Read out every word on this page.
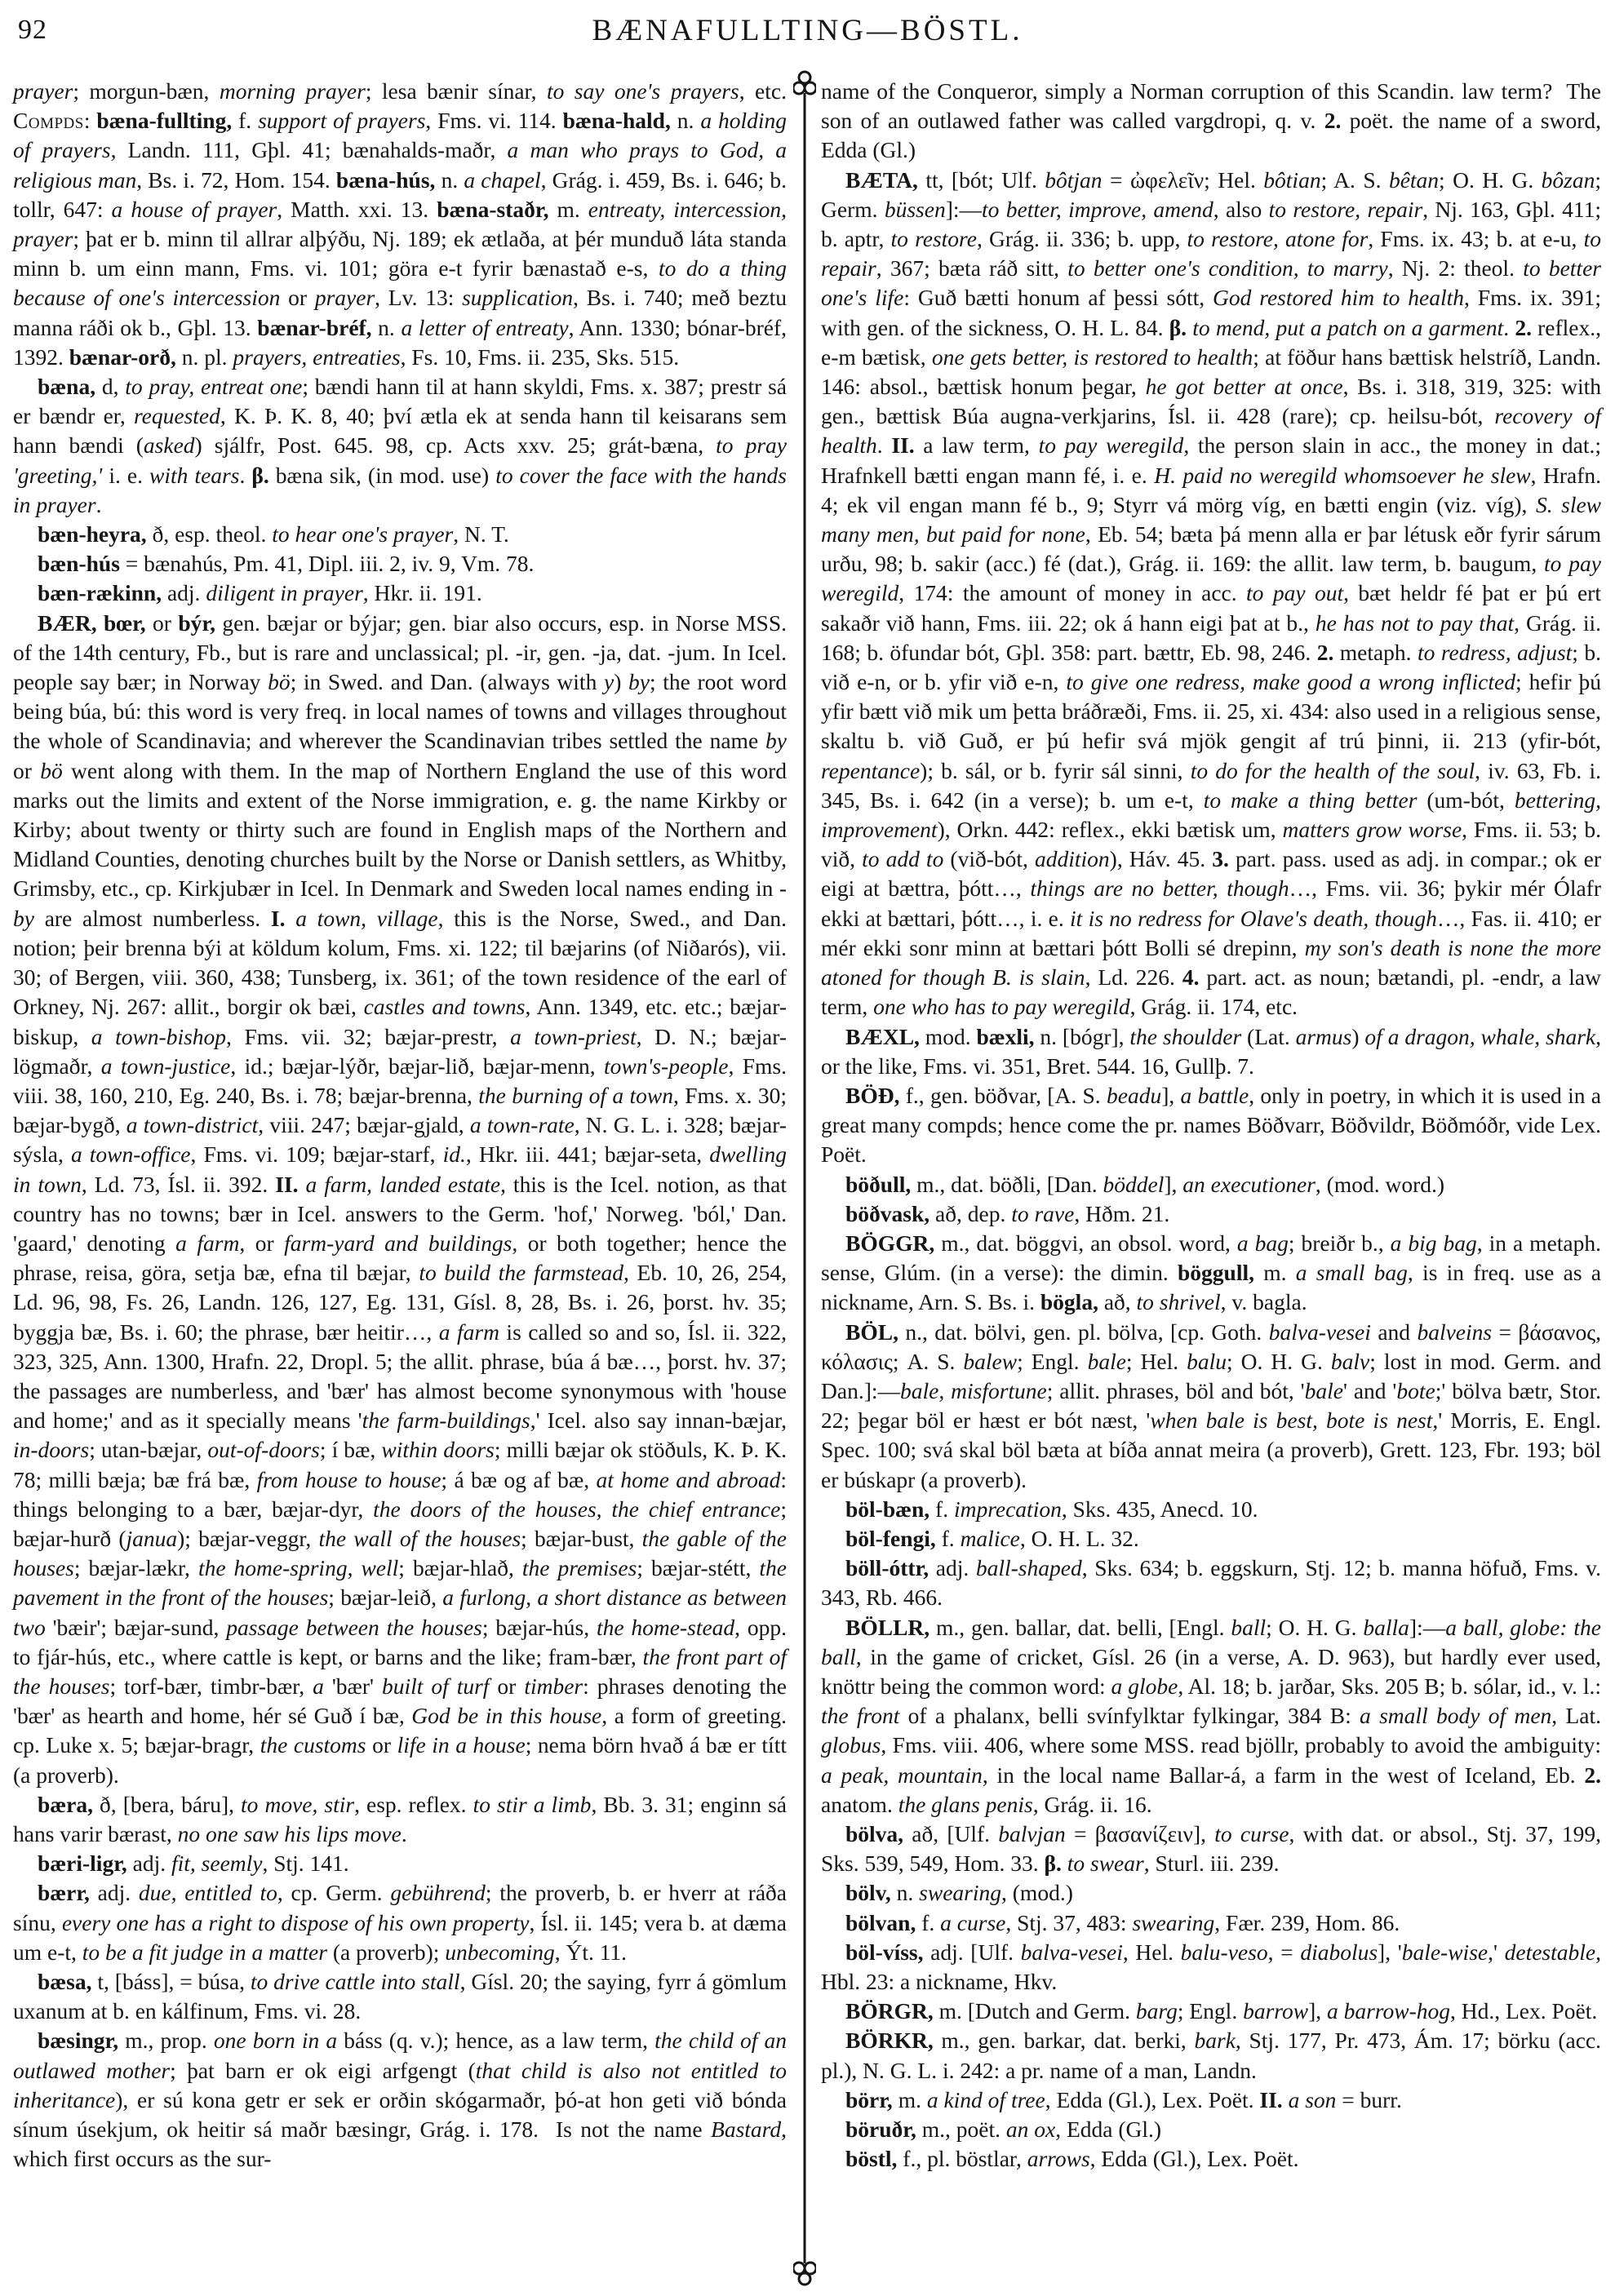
92	BÆNAFULLTING—BÖSTL.

prayer; morgun-bæn, morning prayer; lesa bænir sínar, to say one's prayers, etc. Compds: bæna-fullting, f. support of prayers, Fms. vi. 114. bæna-hald, n. a holding of prayers, Landn. 111, Gþl. 41; bænahalds-maðr, a man who prays to God, a religious man, Bs. i. 72, Hom. 154. bæna-hús, n. a chapel, Grág. i. 459, Bs. i. 646; b. tollr, 647: a house of prayer, Matth. xxi. 13. bæna-staðr, m. entreaty, intercession, prayer; þat er b. minn til allrar alþýðu, Nj. 189; ek ætlaða, at þér munduð láta standa minn b. um einn mann, Fms. vi. 101; göra e-t fyrir bænastað e-s, to do a thing because of one's intercession or prayer, Lv. 13: supplication, Bs. i. 740; með beztu manna ráði ok b., Gþl. 13. bænar-bréf, n. a letter of entreaty, Ann. 1330; bónar-bréf, 1392. bænar-orð, n. pl. prayers, entreaties, Fs. 10, Fms. ii. 235, Sks. 515.

bæna, d, to pray, entreat one; bændi hann til at hann skyldi, Fms. x. 387; prestr sá er bændr er, requested, K. Þ. K. 8, 40; því ætla ek at senda hann til keisarans sem hann bændi (asked) sjálfr, Post. 645. 98, cp. Acts xxv. 25; grát-bæna, to pray 'greeting,' i. e. with tears. β. bæna sik, (in mod. use) to cover the face with the hands in prayer.

bæn-heyra, ð, esp. theol. to hear one's prayer, N. T.

bæn-hús = bænahús, Pm. 41, Dipl. iii. 2, iv. 9, Vm. 78.

bæn-rækinn, adj. diligent in prayer, Hkr. ii. 191.

BÆR, bœr, or býr, gen. bæjar or býjar; gen. biar also occurs, esp. in Norse MSS. of the 14th century, Fb., but is rare and unclassical; pl. -ir, gen. -ja, dat. -jum. In Icel. people say bær; in Norway bö; in Swed. and Dan. (always with y) by; the root word being búa, bú: this word is very freq. in local names of towns and villages throughout the whole of Scandinavia; and wherever the Scandinavian tribes settled the name by or bö went along with them. In the map of Northern England the use of this word marks out the limits and extent of the Norse immigration, e. g. the name Kirkby or Kirby; about twenty or thirty such are found in English maps of the Northern and Midland Counties, denoting churches built by the Norse or Danish settlers, as Whitby, Grimsby, etc., cp. Kirkjubær in Icel. In Denmark and Sweden local names ending in -by are almost numberless. I. a town, village, this is the Norse, Swed., and Dan. notion; þeir brenna býi at köldum kolum, Fms. xi. 122; til bæjarins (of Niðarós), vii. 30; of Bergen, viii. 360, 438; Tunsberg, ix. 361; of the town residence of the earl of Orkney, Nj. 267: allit., borgir ok bæi, castles and towns, Ann. 1349, etc. etc.; bæjar-biskup, a town-bishop, Fms. vii. 32; bæjar-prestr, a town-priest, D. N.; bæjar-lögmaðr, a town-justice, id.; bæjar-lýðr, bæjar-lið, bæjar-menn, town's-people, Fms. viii. 38, 160, 210, Eg. 240, Bs. i. 78; bæjar-brenna, the burning of a town, Fms. x. 30; bæjar-bygð, a town-district, viii. 247; bæjar-gjald, a town-rate, N. G. L. i. 328; bæjar-sýsla, a town-office, Fms. vi. 109; bæjar-starf, id., Hkr. iii. 441; bæjar-seta, dwelling in town, Ld. 73, Ísl. ii. 392. II. a farm, landed estate, this is the Icel. notion, as that country has no towns; bær in Icel. answers to the Germ. 'hof,' Norweg. 'ból,' Dan. 'gaard,' denoting a farm, or farm-yard and buildings, or both together; hence the phrase, reisa, göra, setja bæ, efna til bæjar, to build the farmstead, Eb. 10, 26, 254, Ld. 96, 98, Fs. 26, Landn. 126, 127, Eg. 131, Gísl. 8, 28, Bs. i. 26, þorst. hv. 35; byggja bæ, Bs. i. 60; the phrase, bær heitir…, a farm is called so and so, Ísl. ii. 322, 323, 325, Ann. 1300, Hrafn. 22, Dropl. 5; the allit. phrase, búa á bæ…, þorst. hv. 37; the passages are numberless, and 'bær' has almost become synonymous with 'house and home;' and as it specially means 'the farm-buildings,' Icel. also say innan-bæjar, in-doors; utan-bæjar, out-of-doors; í bæ, within doors; milli bæjar ok stöðuls, K. Þ. K. 78; milli bæja; bæ frá bæ, from house to house; á bæ og af bæ, at home and abroad: things belonging to a bær, bæjar-dyr, the doors of the houses, the chief entrance; bæjar-hurð (janua); bæjar-veggr, the wall of the houses; bæjar-bust, the gable of the houses; bæjar-lækr, the home-spring, well; bæjar-hlað, the premises; bæjar-stétt, the pavement in the front of the houses; bæjar-leið, a furlong, a short distance as between two 'bæir'; bæjar-sund, passage between the houses; bæjar-hús, the home-stead, opp. to fjár-hús, etc., where cattle is kept, or barns and the like; fram-bær, the front part of the houses; torf-bær, timbr-bær, a 'bær' built of turf or timber: phrases denoting the 'bær' as hearth and home, hér sé Guð í bæ, God be in this house, a form of greeting. cp. Luke x. 5; bæjar-bragr, the customs or life in a house; nema börn hvað á bæ er títt (a proverb).

bæra, ð, [bera, báru], to move, stir, esp. reflex. to stir a limb, Bb. 3. 31; enginn sá hans varir bærast, no one saw his lips move.

bæri-ligr, adj. fit, seemly, Stj. 141.

bærr, adj. due, entitled to, cp. Germ. gebührend; the proverb, b. er hverr at ráða sínu, every one has a right to dispose of his own property, Ísl. ii. 145; vera b. at dæma um e-t, to be a fit judge in a matter (a proverb); unbecoming, Ýt. 11.

bæsa, t, [báss], = búsa, to drive cattle into stall, Gísl. 20; the saying, fyrr á gömlum uxanum at b. en kálfinum, Fms. vi. 28.

bæsingr, m., prop. one born in a báss (q. v.); hence, as a law term, the child of an outlawed mother; þat barn er ok eigi arfgengt (that child is also not entitled to inheritance), er sú kona getr er sek er orðin skógarmaðr, þó-at hon geti við bónda sínum úsekjum, ok heitir sá maðr bæsingr, Grág. i. 178.  Is not the name Bastard, which first occurs as the sur-

name of the Conqueror, simply a Norman corruption of this Scandin. law term?  The son of an outlawed father was called vargdropi, q. v. 2. poët. the name of a sword, Edda (Gl.)

BÆTA, tt, [bót; Ulf. bôtjan = ὠφελεῖν; Hel. bôtian; A. S. bêtan; O. H. G. bôzan; Germ. büssen]:—to better, improve, amend, also to restore, repair, Nj. 163, Gþl. 411; b. aptr, to restore, Grág. ii. 336; b. upp, to restore, atone for, Fms. ix. 43; b. at e-u, to repair, 367; bæta ráð sitt, to better one's condition, to marry, Nj. 2: theol. to better one's life: Guð bætti honum af þessi sótt, God restored him to health, Fms. ix. 391; with gen. of the sickness, O. H. L. 84. β. to mend, put a patch on a garment. 2. reflex., e-m bætisk, one gets better, is restored to health; at föður hans bættisk helstríð, Landn. 146: absol., bættisk honum þegar, he got better at once, Bs. i. 318, 319, 325: with gen., bættisk Búa augna-verkjarins, Ísl. ii. 428 (rare); cp. heilsu-bót, recovery of health. II. a law term, to pay weregild, the person slain in acc., the money in dat.; Hrafnkell bætti engan mann fé, i. e. H. paid no weregild whomsoever he slew, Hrafn. 4; ek vil engan mann fé b., 9; Styrr vá mörg víg, en bætti engin (viz. víg), S. slew many men, but paid for none, Eb. 54; bæta þá menn alla er þar létusk eðr fyrir sárum urðu, 98; b. sakir (acc.) fé (dat.), Grág. ii. 169: the allit. law term, b. baugum, to pay weregild, 174: the amount of money in acc. to pay out, bæt heldr fé þat er þú ert sakaðr við hann, Fms. iii. 22; ok á hann eigi þat at b., he has not to pay that, Grág. ii. 168; b. öfundar bót, Gþl. 358: part. bættr, Eb. 98, 246. 2. metaph. to redress, adjust; b. við e-n, or b. yfir við e-n, to give one redress, make good a wrong inflicted; hefir þú yfir bætt við mik um þetta bráðræði, Fms. ii. 25, xi. 434: also used in a religious sense, skaltu b. við Guð, er þú hefir svá mjök gengit af trú þinni, ii. 213 (yfir-bót, repentance); b. sál, or b. fyrir sál sinni, to do for the health of the soul, iv. 63, Fb. i. 345, Bs. i. 642 (in a verse); b. um e-t, to make a thing better (um-bót, bettering, improvement), Orkn. 442: reflex., ekki bætisk um, matters grow worse, Fms. ii. 53; b. við, to add to (við-bót, addition), Háv. 45. 3. part. pass. used as adj. in compar.; ok er eigi at bættra, þótt…, things are no better, though…, Fms. vii. 36; þykir mér Ólafr ekki at bættari, þótt…, i. e. it is no redress for Olave's death, though…, Fas. ii. 410; er mér ekki sonr minn at bættari þótt Bolli sé drepinn, my son's death is none the more atoned for though B. is slain, Ld. 226. 4. part. act. as noun; bætandi, pl. -endr, a law term, one who has to pay weregild, Grág. ii. 174, etc.

BÆXL, mod. bæxli, n. [bógr], the shoulder (Lat. armus) of a dragon, whale, shark, or the like, Fms. vi. 351, Bret. 544. 16, Gullþ. 7.

BÖÐ, f., gen. böðvar, [A. S. beadu], a battle, only in poetry, in which it is used in a great many compds; hence come the pr. names Böðvarr, Böðvildr, Böðmóðr, vide Lex. Poët.

böðull, m., dat. böðli, [Dan. böddel], an executioner, (mod. word.)

böðvask, að, dep. to rave, Hðm. 21.

BÖGGR, m., dat. böggvi, an obsol. word, a bag; breiðr b., a big bag, in a metaph. sense, Glúm. (in a verse): the dimin. böggull, m. a small bag, is in freq. use as a nickname, Arn. S. Bs. i. bögla, að, to shrivel, v. bagla.

BÖL, n., dat. bölvi, gen. pl. bölva, [cp. Goth. balva-vesei and balveins = βάσανος, κόλασις; A. S. balew; Engl. bale; Hel. balu; O. H. G. balv; lost in mod. Germ. and Dan.]:—bale, misfortune; allit. phrases, böl and bót, 'bale' and 'bote;' bölva bætr, Stor. 22; þegar böl er hæst er bót næst, 'when bale is best, bote is nest,' Morris, E. Engl. Spec. 100; svá skal böl bæta at bíða annat meira (a proverb), Grett. 123, Fbr. 193; böl er búskapr (a proverb).

böl-bæn, f. imprecation, Sks. 435, Anecd. 10.

böl-fengi, f. malice, O. H. L. 32.

böll-óttr, adj. ball-shaped, Sks. 634; b. eggskurn, Stj. 12; b. manna höfuð, Fms. v. 343, Rb. 466.

BÖLLR, m., gen. ballar, dat. belli, [Engl. ball; O. H. G. balla]:—a ball, globe: the ball, in the game of cricket, Gísl. 26 (in a verse, A. D. 963), but hardly ever used, knöttr being the common word: a globe, Al. 18; b. jarðar, Sks. 205 B; b. sólar, id., v. l.: the front of a phalanx, belli svínfylktar fylkingar, 384 B: a small body of men, Lat. globus, Fms. viii. 406, where some MSS. read bjöllr, probably to avoid the ambiguity: a peak, mountain, in the local name Ballar-á, a farm in the west of Iceland, Eb. 2. anatom. the glans penis, Grág. ii. 16.

bölva, að, [Ulf. balvjan = βασανίζειν], to curse, with dat. or absol., Stj. 37, 199, Sks. 539, 549, Hom. 33. β. to swear, Sturl. iii. 239.

bölv, n. swearing, (mod.)

bölvan, f. a curse, Stj. 37, 483: swearing, Fær. 239, Hom. 86.

böl-víss, adj. [Ulf. balva-vesei, Hel. balu-veso, = diabolus], 'bale-wise,' detestable, Hbl. 23: a nickname, Hkv.

BÖRGR, m. [Dutch and Germ. barg; Engl. barrow], a barrow-hog, Hd., Lex. Poët.

BÖRKR, m., gen. barkar, dat. berki, bark, Stj. 177, Pr. 473, Ám. 17; börku (acc. pl.), N. G. L. i. 242: a pr. name of a man, Landn.

börr, m. a kind of tree, Edda (Gl.), Lex. Poët. II. a son = burr.

böruðr, m., poët. an ox, Edda (Gl.)

böstl, f., pl. böstlar, arrows, Edda (Gl.), Lex. Poët.
